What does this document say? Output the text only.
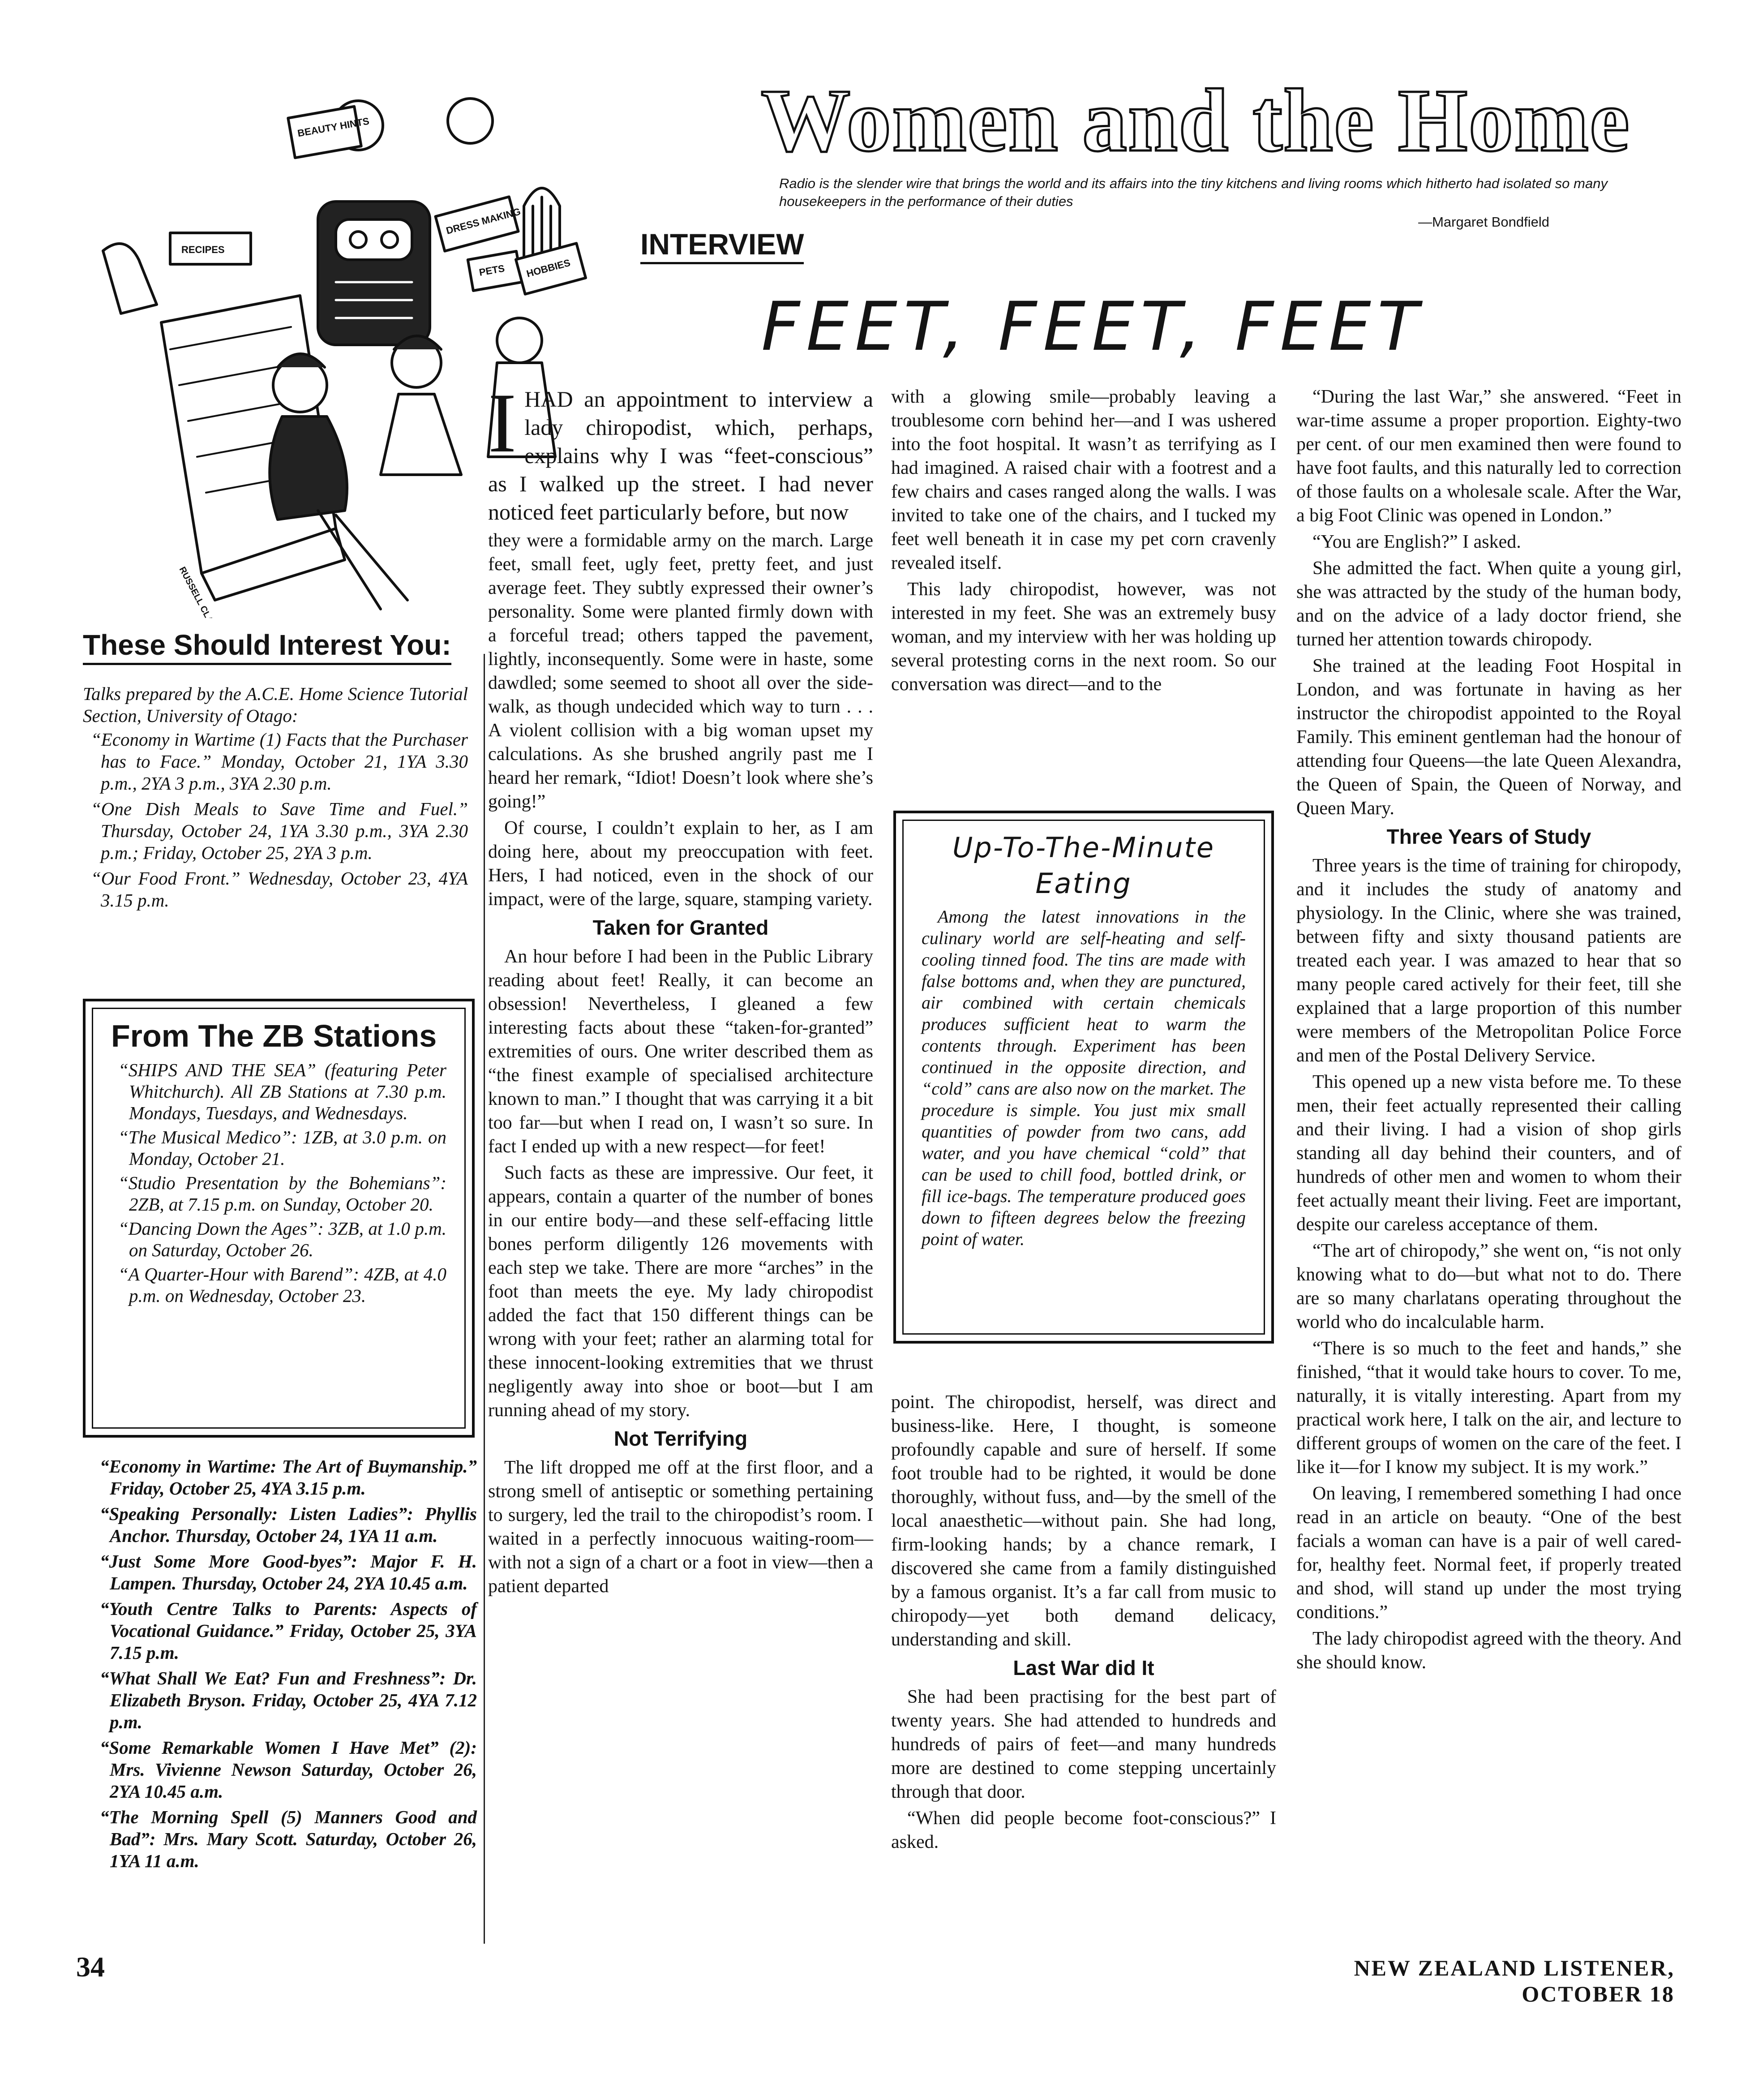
Women and the Home
Radio is the slender wire that brings the world and its affairs into the tiny kitchens and living rooms which hitherto had isolated so many housekeepers in the performance of their duties
—Margaret Bondfield
INTERVIEW
FEET, FEET, FEET
BEAUTY HINTS
RECIPES
DRESS MAKING
PETS HOBBIES
RUSSELL CLARK
These Should Interest You:

Talks prepared by the A.C.E. Home Science Tutorial Section, University of Otago:

“Economy in Wartime (1) Facts that the Purchaser has to Face.” Monday, October 21, 1YA 3.30 p.m., 2YA 3 p.m., 3YA 2.30 p.m.

“One Dish Meals to Save Time and Fuel.” Thursday, October 24, 1YA 3.30 p.m., 3YA 2.30 p.m.; Friday, October 25, 2YA 3 p.m.

“Our Food Front.” Wednesday, October 23, 4YA 3.15 p.m.

From The ZB Stations

“SHIPS AND THE SEA” (featuring Peter Whitchurch). All ZB Stations at 7.30 p.m. Mondays, Tuesdays, and Wednesdays.

“The Musical Medico”: 1ZB, at 3.0 p.m. on Monday, October 21.

“Studio Presentation by the Bohemians”: 2ZB, at 7.15 p.m. on Sunday, October 20.

“Dancing Down the Ages”: 3ZB, at 1.0 p.m. on Saturday, October 26.

“A Quarter-Hour with Barend”: 4ZB, at 4.0 p.m. on Wednesday, October 23.

“Economy in Wartime: The Art of Buymanship.” Friday, October 25, 4YA 3.15 p.m.

“Speaking Personally: Listen Ladies”: Phyllis Anchor. Thursday, October 24, 1YA 11 a.m.

“Just Some More Good-byes”: Major F. H. Lampen. Thursday, October 24, 2YA 10.45 a.m.

“Youth Centre Talks to Parents: Aspects of Vocational Guidance.” Friday, October 25, 3YA 7.15 p.m.

“What Shall We Eat? Fun and Freshness”: Dr. Elizabeth Bryson. Friday, October 25, 4YA 7.12 p.m.

“Some Remarkable Women I Have Met” (2): Mrs. Vivienne Newson Saturday, October 26, 2YA 10.45 a.m.

“The Morning Spell (5) Manners Good and Bad”: Mrs. Mary Scott. Saturday, October 26, 1YA 11 a.m.

IHAD an appointment to interview a lady chiropodist, which, perhaps, explains why I was “feet-conscious” as I walked up the street. I had never noticed feet particularly before, but now

they were a formidable army on the march. Large feet, small feet, ugly feet, pretty feet, and just average feet. They subtly expressed their owner’s personality. Some were planted firmly down with a forceful tread; others tapped the pavement, lightly, inconsequently. Some were in haste, some dawdled; some seemed to shoot all over the side-walk, as though undecided which way to turn . . . A violent collision with a big woman upset my calculations. As she brushed angrily past me I heard her remark, “Idiot! Doesn’t look where she’s going!”

Of course, I couldn’t explain to her, as I am doing here, about my preoccupation with feet. Hers, I had noticed, even in the shock of our impact, were of the large, square, stamping variety.

Taken for Granted

An hour before I had been in the Public Library reading about feet! Really, it can become an obsession! Nevertheless, I gleaned a few interesting facts about these “taken-for-granted” extremities of ours. One writer described them as “the finest example of specialised architecture known to man.” I thought that was carrying it a bit too far—but when I read on, I wasn’t so sure. In fact I ended up with a new respect—for feet!

Such facts as these are impressive. Our feet, it appears, contain a quarter of the number of bones in our entire body—and these self-effacing little bones perform diligently 126 movements with each step we take. There are more “arches” in the foot than meets the eye. My lady chiropodist added the fact that 150 different things can be wrong with your feet; rather an alarming total for these innocent-looking extremities that we thrust negligently away into shoe or boot—but I am running ahead of my story.

Not Terrifying

The lift dropped me off at the first floor, and a strong smell of antiseptic or something pertaining to surgery, led the trail to the chiropodist’s room. I waited in a perfectly innocuous waiting-room—with not a sign of a chart or a foot in view—then a patient departed

with a glowing smile—probably leaving a troublesome corn behind her—and I was ushered into the foot hospital. It wasn’t as terrifying as I had imagined. A raised chair with a footrest and a few chairs and cases ranged along the walls. I was invited to take one of the chairs, and I tucked my feet well beneath it in case my pet corn cravenly revealed itself.

This lady chiropodist, however, was not interested in my feet. She was an extremely busy woman, and my interview with her was holding up several protesting corns in the next room. So our conversation was direct—and to the

Up-To-The-Minute Eating

Among the latest innovations in the culinary world are self-heating and self-cooling tinned food. The tins are made with false bottoms and, when they are punctured, air combined with certain chemicals produces sufficient heat to warm the contents through. Experiment has been continued in the opposite direction, and “cold” cans are also now on the market. The procedure is simple. You just mix small quantities of powder from two cans, add water, and you have chemical “cold” that can be used to chill food, bottled drink, or fill ice-bags. The temperature produced goes down to fifteen degrees below the freezing point of water.

point. The chiropodist, herself, was direct and business-like. Here, I thought, is someone profoundly capable and sure of herself. If some foot trouble had to be righted, it would be done thoroughly, without fuss, and—by the smell of the local anaesthetic—without pain. She had long, firm-looking hands; by a chance remark, I discovered she came from a family distinguished by a famous organist. It’s a far call from music to chiropody—yet both demand delicacy, understanding and skill.

Last War did It

She had been practising for the best part of twenty years. She had attended to hundreds and hundreds of pairs of feet—and many hundreds more are destined to come stepping uncertainly through that door.

“When did people become foot-conscious?” I asked.

“During the last War,” she answered. “Feet in war-time assume a proper proportion. Eighty-two per cent. of our men examined then were found to have foot faults, and this naturally led to correction of those faults on a wholesale scale. After the War, a big Foot Clinic was opened in London.”

“You are English?” I asked.

She admitted the fact. When quite a young girl, she was attracted by the study of the human body, and on the advice of a lady doctor friend, she turned her attention towards chiropody.

She trained at the leading Foot Hospital in London, and was fortunate in having as her instructor the chiropodist appointed to the Royal Family. This eminent gentleman had the honour of attending four Queens—the late Queen Alexandra, the Queen of Spain, the Queen of Norway, and Queen Mary.

Three Years of Study

Three years is the time of training for chiropody, and it includes the study of anatomy and physiology. In the Clinic, where she was trained, between fifty and sixty thousand patients are treated each year. I was amazed to hear that so many people cared actively for their feet, till she explained that a large proportion of this number were members of the Metropolitan Police Force and men of the Postal Delivery Service.

This opened up a new vista before me. To these men, their feet actually represented their calling and their living. I had a vision of shop girls standing all day behind their counters, and of hundreds of other men and women to whom their feet actually meant their living. Feet are important, despite our careless acceptance of them.

“The art of chiropody,” she went on, “is not only knowing what to do—but what not to do. There are so many charlatans operating throughout the world who do incalculable harm.

“There is so much to the feet and hands,” she finished, “that it would take hours to cover. To me, naturally, it is vitally interesting. Apart from my practical work here, I talk on the air, and lecture to different groups of women on the care of the feet. I like it—for I know my subject. It is my work.”

On leaving, I remembered something I had once read in an article on beauty. “One of the best facials a woman can have is a pair of well cared-for, healthy feet. Normal feet, if properly treated and shod, will stand up under the most trying conditions.”

The lady chiropodist agreed with the theory. And she should know.

34	NEW ZEALAND LISTENER, OCTOBER 18
